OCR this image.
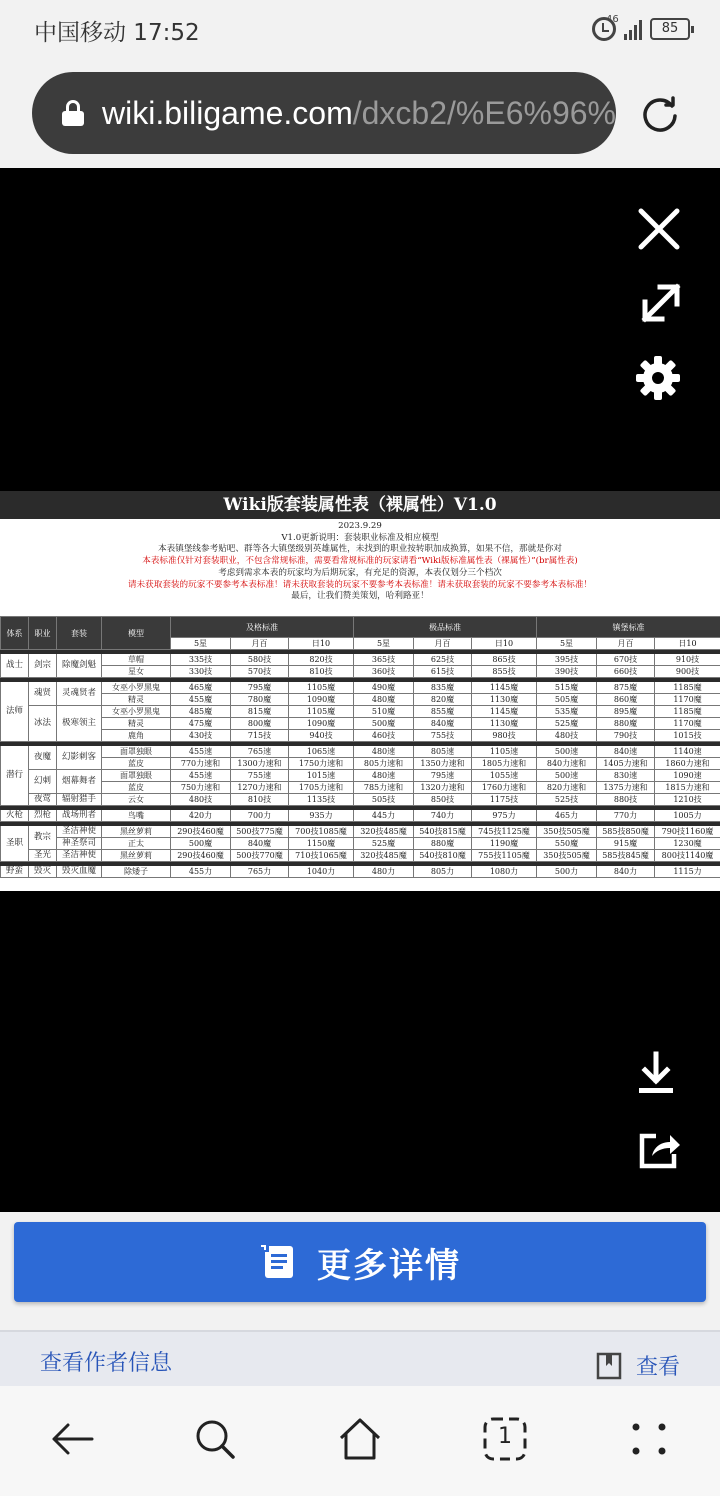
中国移动 17:52
46
85
wiki.biligame.com/dxcb2/%E6%96%
Wiki版套装属性表（裸属性）V1.0
2023.9.29
V1.0更新说明：套装职业标准及相应模型
本表镇堡线参考贴吧、群等各大镇堡级别英雄属性，未找到的职业按转职加成换算，如果不信，那就是你对
本表标准仅针对套装职业，不包含常规标准，需要看常规标准的玩家请看“Wiki版标准属性表（裸属性）”(br属性表)
考虑到需求本表的玩家均为后期玩家，有充足的资源，本表仅划分三个档次
请未获取套装的玩家不要参考本表标准！请未获取套装的玩家不要参考本表标准！请未获取套装的玩家不要参考本表标准！
最后，让我们赞美策划，哈利路亚！
体系	职业	套装	模型	及格标准			极品标准			镇堡标准		
				5星	月百	日10	5星	月百	日10	5星	月百	日10

战士	剑宗	除魔剑魁	草帽	335技	580技	820技	365技	625技	865技	395技	670技	910技
			星女	330技	570技	810技	360技	615技	855技	390技	660技	900技

法师	魂贤	灵魂贤者	女巫小罗黑鬼	465魔	795魔	1105魔	490魔	835魔	1145魔	515魔	875魔	1185魔
			精灵	455魔	780魔	1090魔	480魔	820魔	1130魔	505魔	860魔	1170魔
	冰法	极寒领主	女巫小罗黑鬼	485魔	815魔	1105魔	510魔	855魔	1145魔	535魔	895魔	1185魔
			精灵	475魔	800魔	1090魔	500魔	840魔	1130魔	525魔	880魔	1170魔
			鹿角	430技	715技	940技	460技	755技	980技	480技	790技	1015技

潜行	夜魔	幻影刺客	面罩独眼	455速	765速	1065速	480速	805速	1105速	500速	840速	1140速
			蓝皮	770力速和	1300力速和	1750力速和	805力速和	1350力速和	1805力速和	840力速和	1405力速和	1860力速和
	幻刺	烟幕舞者	面罩独眼	455速	755速	1015速	480速	795速	1055速	500速	830速	1090速
			蓝皮	750力速和	1270力速和	1705力速和	785力速和	1320力速和	1760力速和	820力速和	1375力速和	1815力速和
	夜莺	辐射猎手	云女	480技	810技	1135技	505技	850技	1175技	525技	880技	1210技

火枪	烈枪	战场刑者	鸟嘴	420力	700力	935力	445力	740力	975力	465力	770力	1005力

圣职	教宗	圣洁神使	黑丝萝莉	290技460魔	500技775魔	700技1085魔	320技485魔	540技815魔	745技1125魔	350技505魔	585技850魔	790技1160魔
		神圣祭司	正太	500魔	840魔	1150魔	525魔	880魔	1190魔	550魔	915魔	1230魔
	圣光	圣洁神使	黑丝萝莉	290技460魔	500技770魔	710技1065魔	320技485魔	540技810魔	755技1105魔	350技505魔	585技845魔	800技1140魔

野蛮	毁灭	毁灭血魔	除矮子	455力	765力	1040力	480力	805力	1080力	500力	840力	1115力
更多详情
查看作者信息	查看
1
